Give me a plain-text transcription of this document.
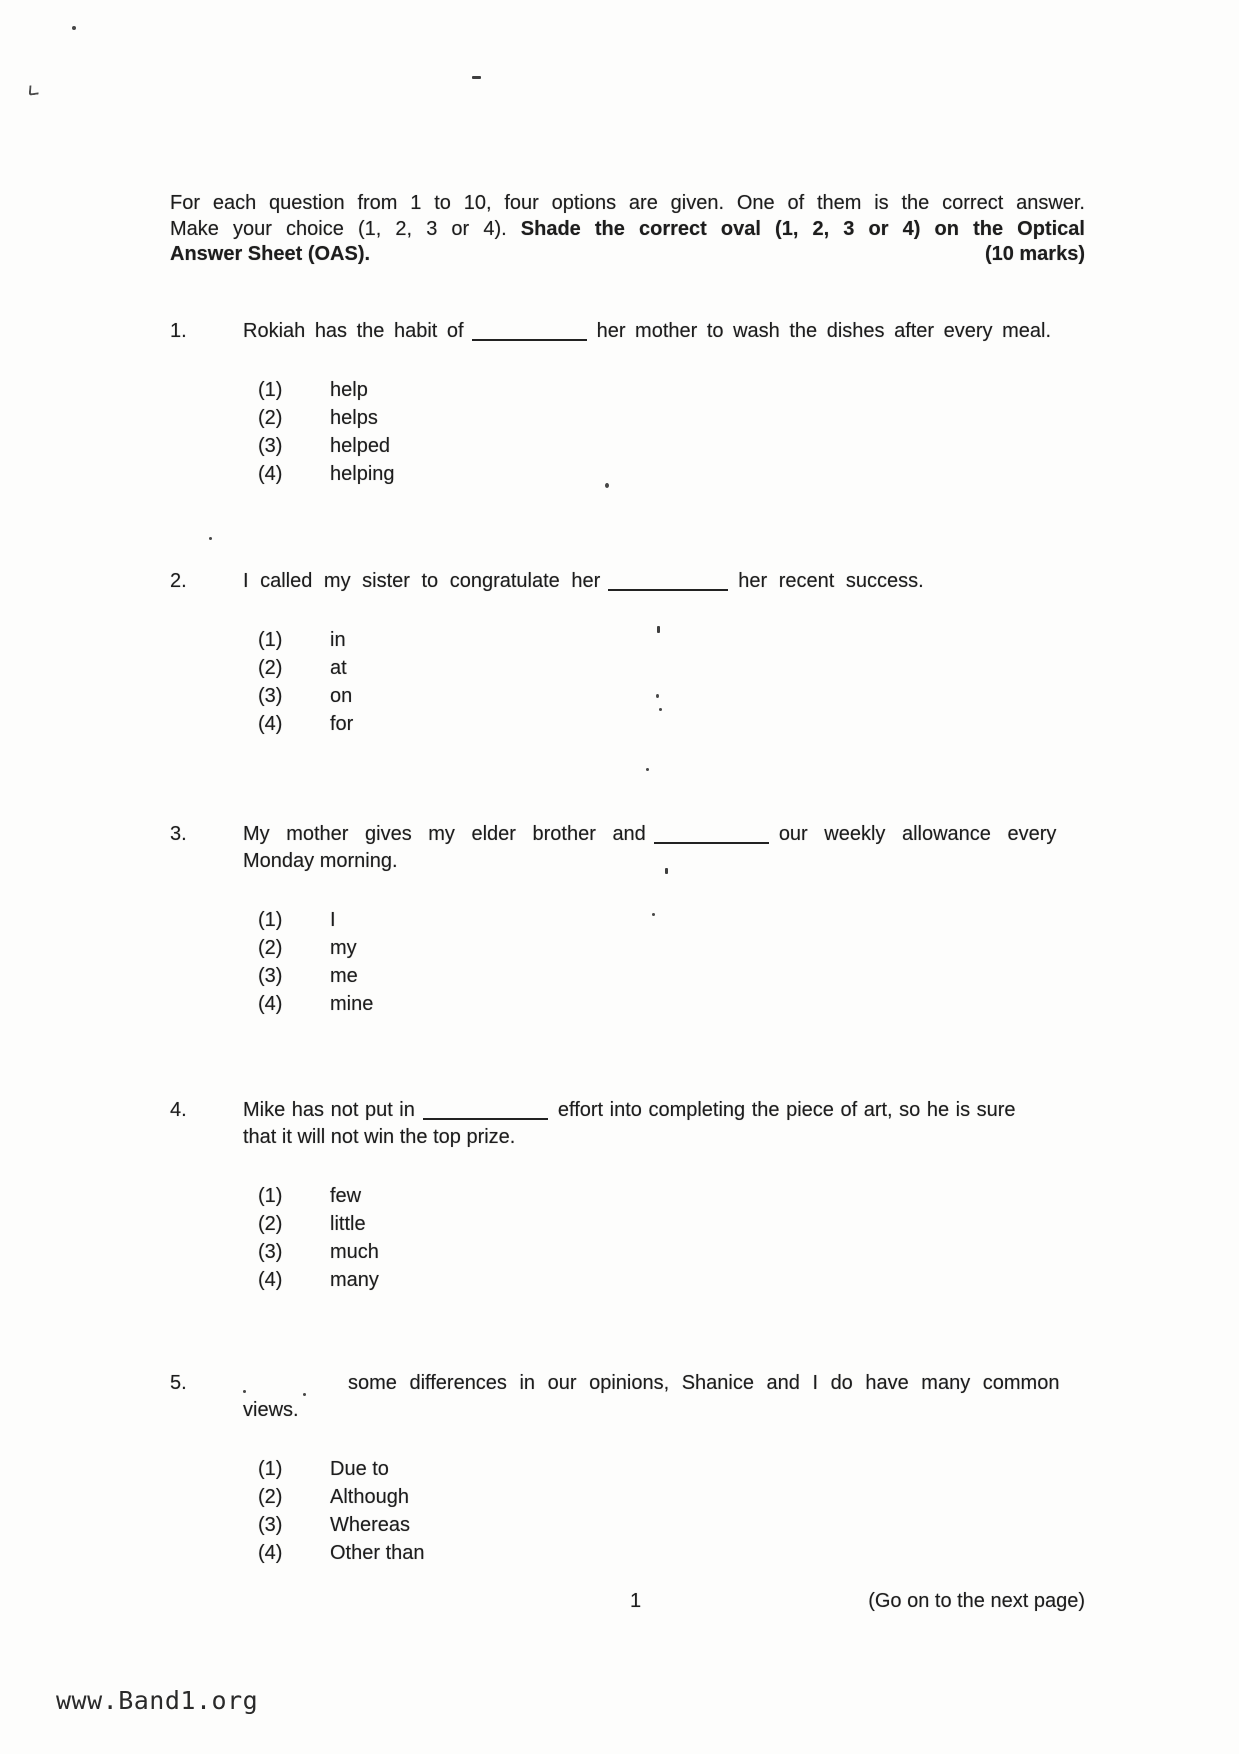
For each question from 1 to 10, four options are given. One of them is the correct answer.
Make your choice (1, 2, 3 or 4). Shade the correct oval (1, 2, 3 or 4) on the Optical
Answer Sheet (OAS).	(10 marks)
1.	Rokiah has the habit of	her mother to wash the dishes after every meal.
(1) help
(2) helps
(3) helped
(4) helping
2.	I called my sister to congratulate her	her recent success.
(1) in
(2) at
(3) on
(4) for
3.	My mother gives my elder brother and	our weekly allowance every
Monday morning.
(1) I
(2) my
(3) me
(4) mine
4.	Mike has not put in	effort into completing the piece of art, so he is sure
that it will not win the top prize.
(1) few
(2) little
(3) much
(4) many
5.	some differences in our opinions, Shanice and I do have many common
views.
(1) Due to
(2) Although
(3) Whereas
(4) Other than
1	(Go on to the next page)
www.Band1.org
